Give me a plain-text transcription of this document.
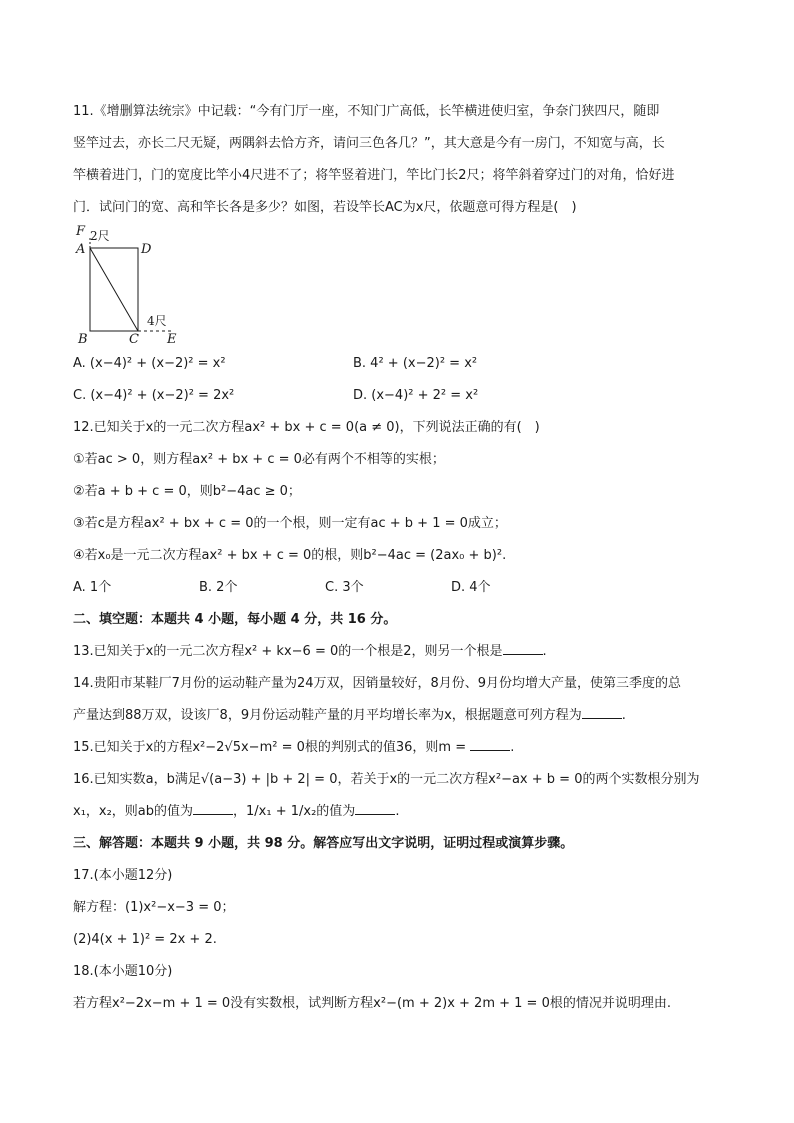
11.《增删算法统宗》中记载：“今有门厅一座，不知门广高低，长竿横进使归室，争奈门狭四尺，随即
竖竿过去，亦长二尺无疑，两隅斜去恰方齐，请问三色各几？”，其大意是今有一房门，不知宽与高，长
竿横着进门，门的宽度比竿小4尺进不了；将竿竖着进门，竿比门长2尺；将竿斜着穿过门的对角，恰好进
门．试问门的宽、高和竿长各是多少？如图，若设竿长AC为x尺，依题意可得方程是(　)
F 2尺
A	D
4尺
B	C E
A. (x−4)² + (x−2)² = x²	B. 4² + (x−2)² = x²
C. (x−4)² + (x−2)² = 2x²	D. (x−4)² + 2² = x²
12.已知关于x的一元二次方程ax² + bx + c = 0(a ≠ 0)，下列说法正确的有(　)
①若ac > 0，则方程ax² + bx + c = 0必有两个不相等的实根；
②若a + b + c = 0，则b²−4ac ≥ 0；
③若c是方程ax² + bx + c = 0的一个根，则一定有ac + b + 1 = 0成立；
④若x₀是一元二次方程ax² + bx + c = 0的根，则b²−4ac = (2ax₀ + b)².
A. 1个	B. 2个	C. 3个	D. 4个
二、填空题：本题共 4 小题，每小题 4 分，共 16 分。
13.已知关于x的一元二次方程x² + kx−6 = 0的一个根是2，则另一个根是	.
14.贵阳市某鞋厂7月份的运动鞋产量为24万双，因销量较好，8月份、9月份均增大产量，使第三季度的总
产量达到88万双，设该厂8，9月份运动鞋产量的月平均增长率为x，根据题意可列方程为	.
15.已知关于x的方程x²−2√5x−m² = 0根的判别式的值36，则m =	.
16.已知实数a，b满足√(a−3) + |b + 2| = 0，若关于x的一元二次方程x²−ax + b = 0的两个实数根分别为
x₁，x₂，则ab的值为	，1/x₁ + 1/x₂的值为	.
三、解答题：本题共 9 小题，共 98 分。解答应写出文字说明，证明过程或演算步骤。
17.(本小题12分)
解方程：(1)x²−x−3 = 0；
(2)4(x + 1)² = 2x + 2.
18.(本小题10分)
若方程x²−2x−m + 1 = 0没有实数根，试判断方程x²−(m + 2)x + 2m + 1 = 0根的情况并说明理由.
